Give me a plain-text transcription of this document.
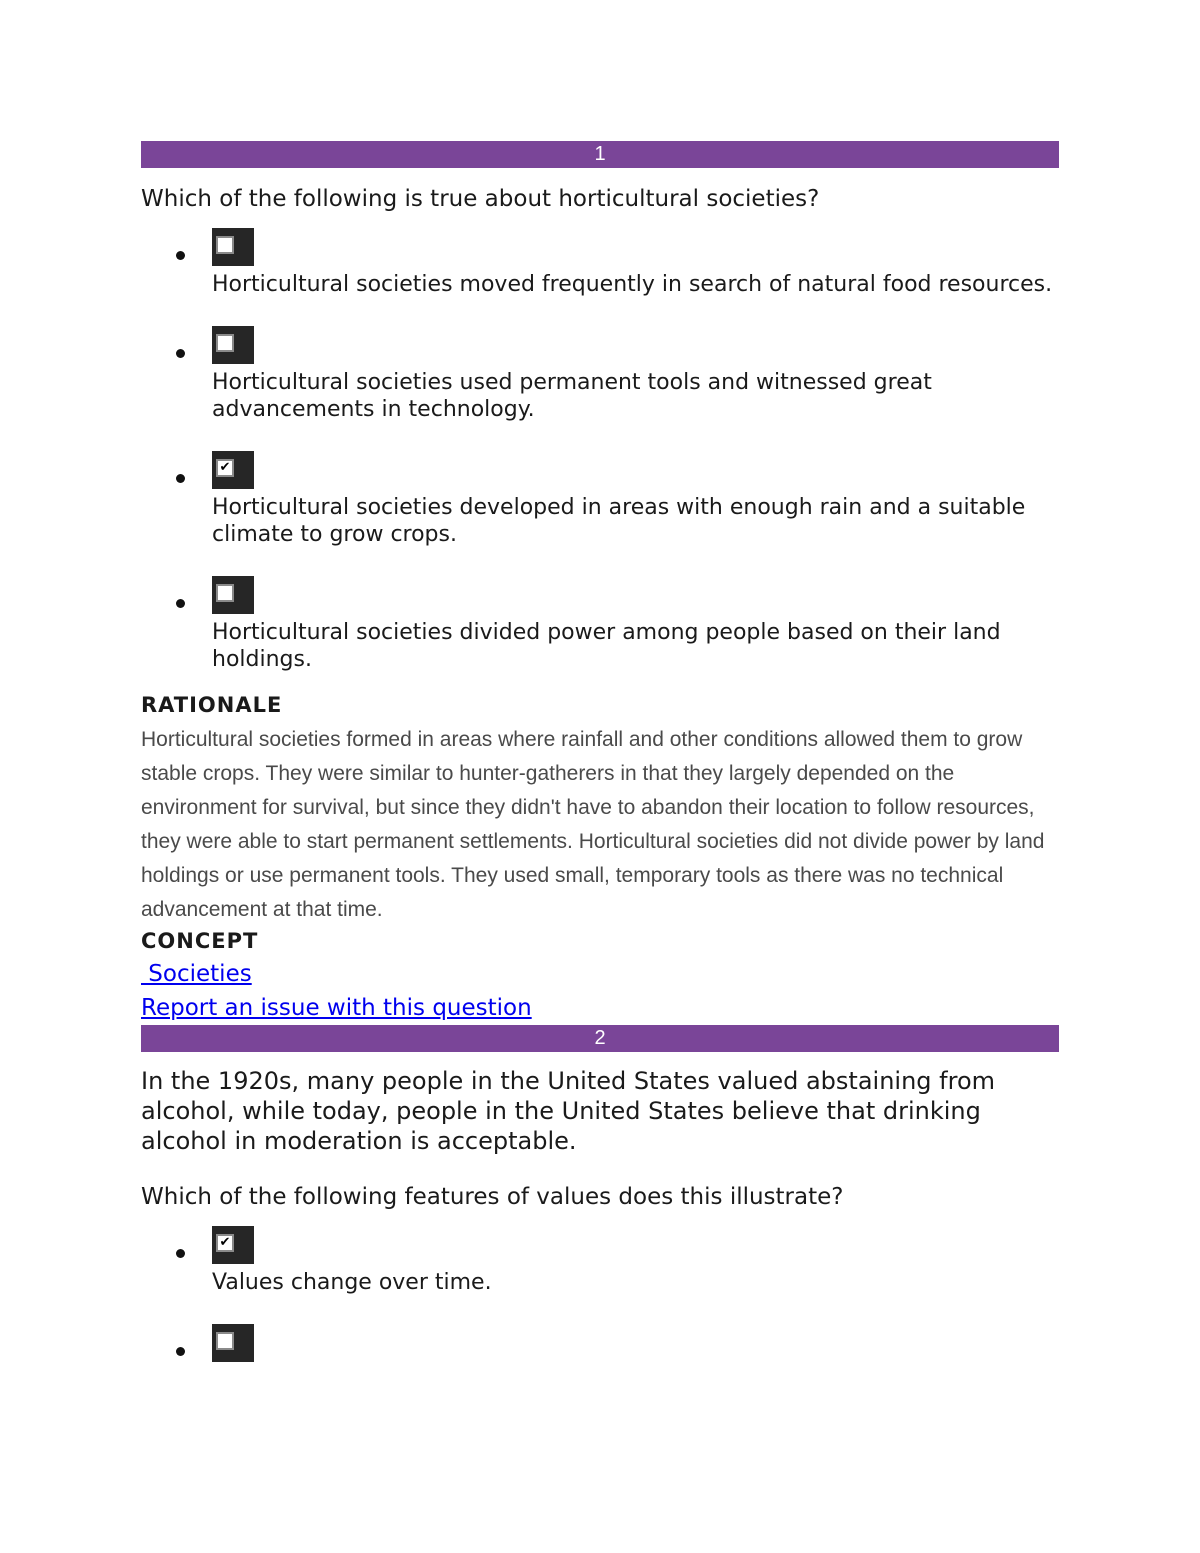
1
Which of the following is true about horticultural societies?
Horticultural societies moved frequently in search of natural food resources.
Horticultural societies used permanent tools and witnessed great advancements in technology.
✔
Horticultural societies developed in areas with enough rain and a suitable climate to grow crops.
Horticultural societies divided power among people based on their land holdings.
RATIONALE
Horticultural societies formed in areas where rainfall and other conditions allowed them to grow stable crops. They were similar to hunter-gatherers in that they largely depended on the environment for survival, but since they didn't have to abandon their location to follow resources, they were able to start permanent settlements. Horticultural societies did not divide power by land holdings or use permanent tools. They used small, temporary tools as there was no technical advancement at that time.
CONCEPT
Societies
Report an issue with this question
2
In the 1920s, many people in the United States valued abstaining from alcohol, while today, people in the United States believe that drinking alcohol in moderation is acceptable.
Which of the following features of values does this illustrate?
✔
Values change over time.
